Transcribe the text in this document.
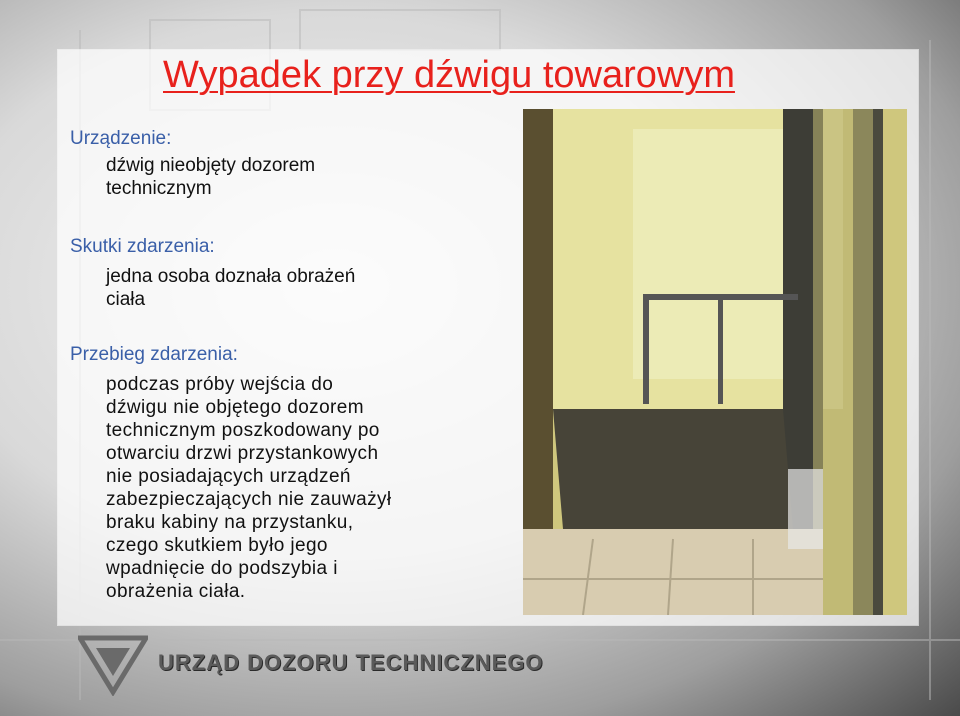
Wypadek przy dźwigu towarowym
Urządzenie:
dźwig nieobjęty dozorem
technicznym
Skutki zdarzenia:
jedna osoba doznała obrażeń
ciała
Przebieg zdarzenia:
podczas próby wejścia do
dźwigu nie objętego dozorem
technicznym poszkodowany po
otwarciu drzwi przystankowych
nie posiadających urządzeń
zabezpieczających nie zauważył
braku kabiny na przystanku,
czego skutkiem było jego
wpadnięcie do podszybia i
obrażenia ciała.
URZĄD DOZORU TECHNICZNEGO
